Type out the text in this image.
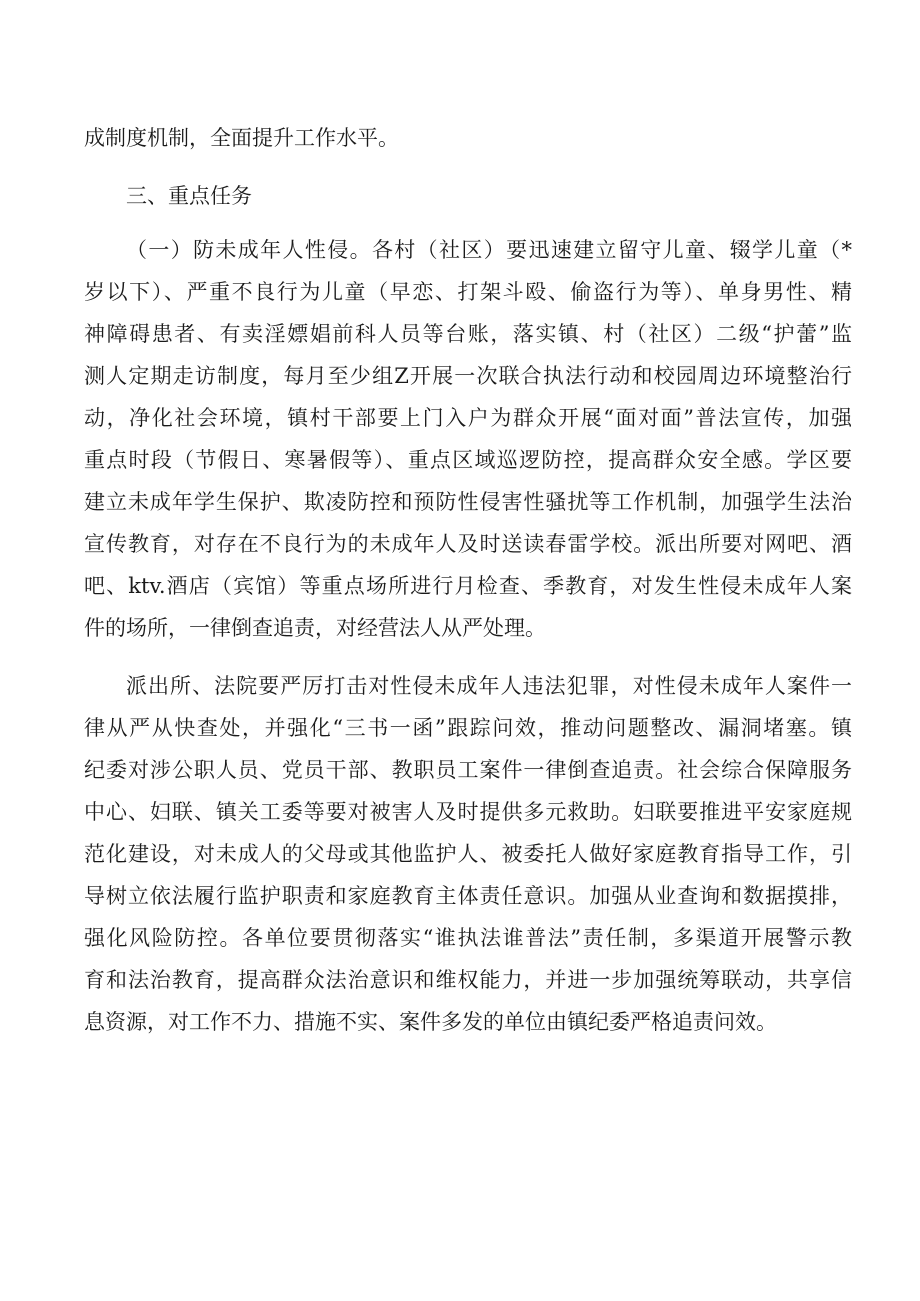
成制度机制，全面提升工作水平。
三、重点任务
（一）防未成年人性侵。各村（社区）要迅速建立留守儿童、辍学儿童（*
岁以下）、严重不良行为儿童（早恋、打架斗殴、偷盗行为等）、单身男性、精
神障碍患者、有卖淫嫖娼前科人员等台账，落实镇、村（社区）二级“护蕾”监
测人定期走访制度，每月至少组Z开展一次联合执法行动和校园周边环境整治行
动，净化社会环境，镇村干部要上门入户为群众开展“面对面”普法宣传，加强
重点时段（节假日、寒暑假等）、重点区域巡逻防控，提高群众安全感。学区要
建立未成年学生保护、欺凌防控和预防性侵害性骚扰等工作机制，加强学生法治
宣传教育，对存在不良行为的未成年人及时送读春雷学校。派出所要对网吧、酒
吧、ktv.酒店（宾馆）等重点场所进行月检查、季教育，对发生性侵未成年人案
件的场所，一律倒查追责，对经营法人从严处理。
派出所、法院要严厉打击对性侵未成年人违法犯罪，对性侵未成年人案件一
律从严从快查处，并强化“三书一函”跟踪问效，推动问题整改、漏洞堵塞。镇
纪委对涉公职人员、党员干部、教职员工案件一律倒查追责。社会综合保障服务
中心、妇联、镇关工委等要对被害人及时提供多元救助。妇联要推进平安家庭规
范化建设，对未成人的父母或其他监护人、被委托人做好家庭教育指导工作，引
导树立依法履行监护职责和家庭教育主体责任意识。加强从业查询和数据摸排，
强化风险防控。各单位要贯彻落实“谁执法谁普法”责任制，多渠道开展警示教
育和法治教育，提高群众法治意识和维权能力，并进一步加强统筹联动，共享信
息资源，对工作不力、措施不实、案件多发的单位由镇纪委严格追责问效。
